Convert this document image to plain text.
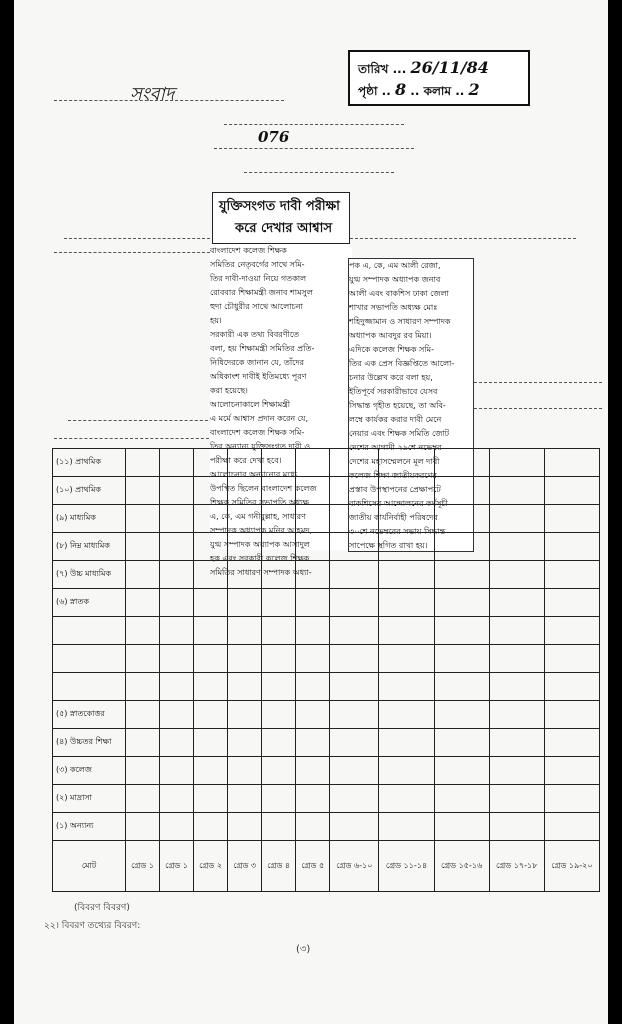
তারিখ ... 26/11/84
পৃষ্ঠা .. 8 .. কলাম .. 2
সংবাদ
076
যুক্তিসংগত দাবী পরীক্ষা
করে দেখার আশ্বাস
বাংলাদেশ কলেজ শিক্ষক
সমিতির নেতৃবর্গের সাথে সমি-
তির দাবী-দাওয়া নিয়ে গতকাল
রোববার শিক্ষামন্ত্রী জনাব শামসুল
হুদা চৌধুরীর সাথে আলোচনা
হয়।
সরকারী এক তথ্য বিবরণীতে
বলা, হয় শিক্ষামন্ত্রী সমিতির প্রতি-
নিধিদেরকে জানান যে, তাঁদের
অধিকাংশ দাবীই ইতিমধ্যে পূরণ
করা হয়েছে।
আলোচনাকালে শিক্ষামন্ত্রী
এ মর্মে আশ্বাস প্রদান করেন যে,
বাংলাদেশ কলেজ শিক্ষক সমি-
তির অন্যান্য যুক্তিসংগত দাবী ও
পরীক্ষা করে দেখা হবে।
আলোচনার অন্যান্যের মধ্যে
উপস্থিত ছিলেন বাংলাদেশ কলেজ
শিক্ষক সমিতির সভাপতি অধ্যক্ষ
এ, কে, এম গনীবুল্লাহ, সাধারণ
সম্পাদক অধ্যাপক মনির আহমদ,
যুগ্ম সম্পাদক অধ্যাপক আসাদুল
হক এবং সরকারী কলেজ শিক্ষক
সমিতির সাধারণ সম্পাদক অধ্যা-
পক এ, কে, এম আলী রেজা,
যুগ্ম সম্পাদক অধ্যাপক জনাব
আলী এবং বাকশিস ঢাকা জেলা
শাখার সভাপতি অধ্যক্ষ মোঃ
শহিদুজ্জামান ও সাধারণ সম্পাদক
অধ্যাপক আবদুর রব মিয়া।
এদিকে কলেজ শিক্ষক সমি-
তির এক প্রেস বিজ্ঞপ্তিতে আলো-
চনার উল্লেখ করে বলা হয়,
ইতিপূর্বে সরকারীভাবে যেসব
সিদ্ধান্ত গৃহীত হয়েছে, তা অবি-
লম্বে কার্যকর করার দাবী মেনে
নেয়ার এবং শিক্ষক সমিতি জোট
দেশের আগামী ২৯শে নভেম্বর
দেশের মহাসম্মেলনে মূল দাবী
কলেজ শিক্ষা জাতীয়করণের
প্রস্তাব উপস্থাপনের প্রেক্ষাপটে
বাকশিসের আন্দোলনের কর্মসূচী
জাতীয় কার্যনির্বাহী পরিষদের
৩০শে নভেম্বরের সভায় সিদ্ধান্ত
সাপেক্ষে স্থগিত রাখা হয়।
(১১) প্রাথমিক											
(১০) প্রাথমিক											
(৯) মাধ্যমিক											
(৮) নিম্ন মাধ্যমিক											
(৭) উচ্চ মাধ্যমিক											
(৬) স্নাতক											

(৫) স্নাতকোত্তর											
(৪) উচ্চতর শিক্ষা											
(৩) কলেজ											
(২) মাদ্রাসা											
(১) অন্যান্য											
মোট	গ্রেড ১	গ্রেড ১	গ্রেড ২	গ্রেড ৩	গ্রেড ৪	গ্রেড ৫	গ্রেড ৬-১০	গ্রেড ১১-১৪	গ্রেড ১৫-১৬	গ্রেড ১৭-১৮	গ্রেড ১৯-২০
(বিবরণ বিবরণ)
২২। বিবরণ তথ্যের বিবরণ:
(৩)
